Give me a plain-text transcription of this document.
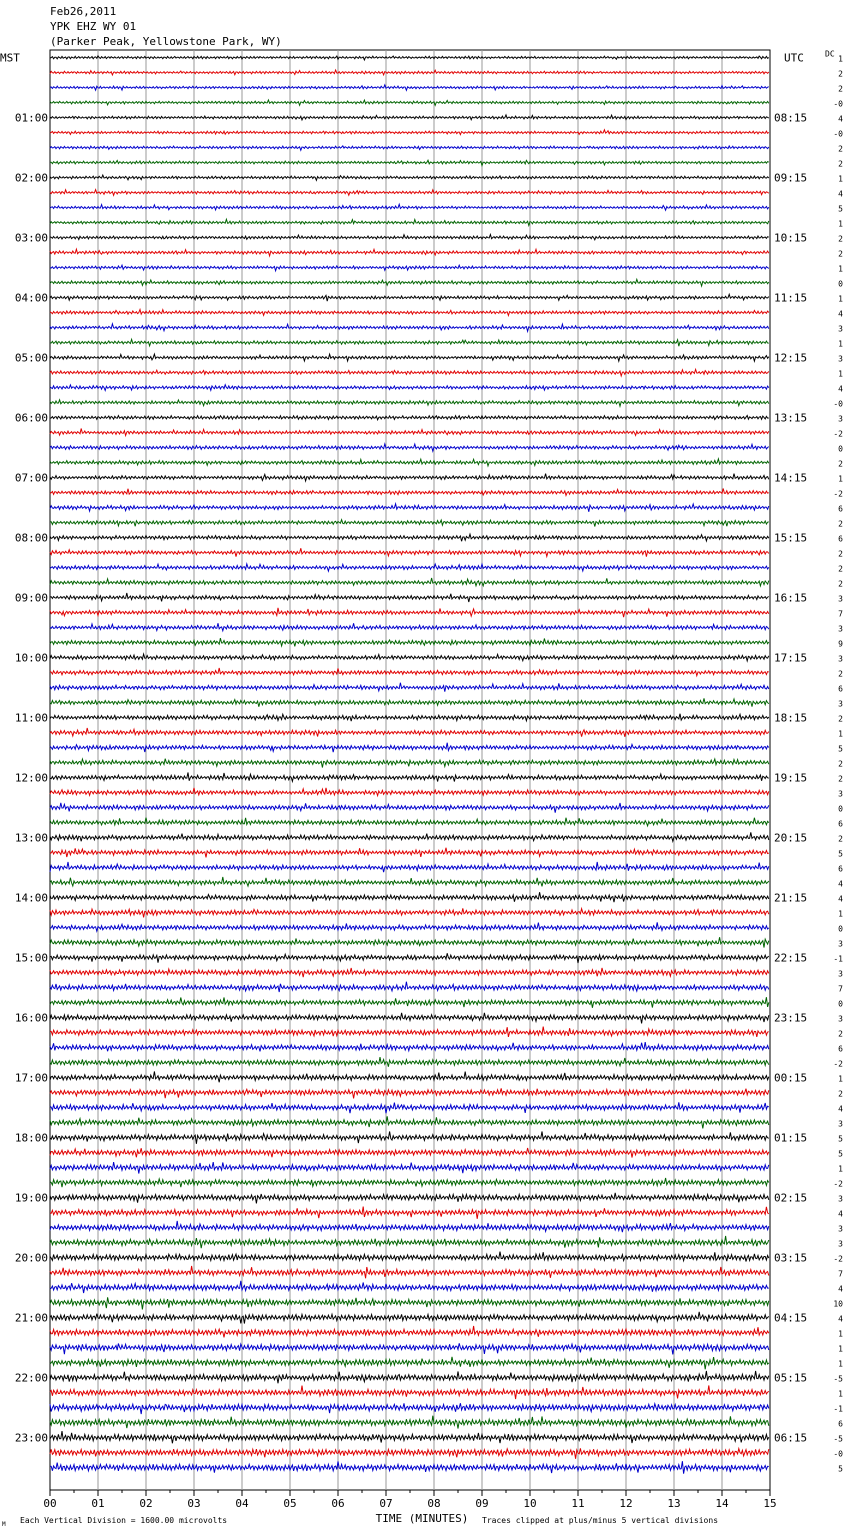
Feb26,2011
YPK EHZ WY 01
(Parker Peak, Yellowstone Park, WY)
00	01	02	03	04	05	06	07	08	09	10	11	12	13	14	15
1
2
2
-0
4
-0
2
2
1
4
5
1
2
2
1
0
1
4
3
1
3
1
4
-0
3
-2
0
2
1
-2
6
2
6
2
2
2
3
7
3
9
3
2
6
3
2
1
5
2
2
3
0
6
2
5
6
4
4
1
0
3
-1
3
7
0
3
2
6
-2
1
2
4
3
5
5
1
-2
3
4
3
3
-2
7
4
10
4
1
1
1
-5
1
-1
6
-5
-0
5
01:00	08:15
02:00	09:15
03:00	10:15
04:00	11:15
05:00	12:15
06:00	13:15
07:00	14:15
08:00	15:15
09:00	16:15
10:00	17:15
11:00	18:15
12:00	19:15
13:00	20:15
14:00	21:15
15:00	22:15
16:00	23:15
17:00	00:15
18:00	01:15
19:00	02:15
20:00	03:15
21:00	04:15
22:00	05:15
23:00	06:15
MST	UTC	DC
TIME (MINUTES)
Each Vertical Division = 1600.00 microvolts	Traces clipped at plus/minus 5 vertical divisions
M
